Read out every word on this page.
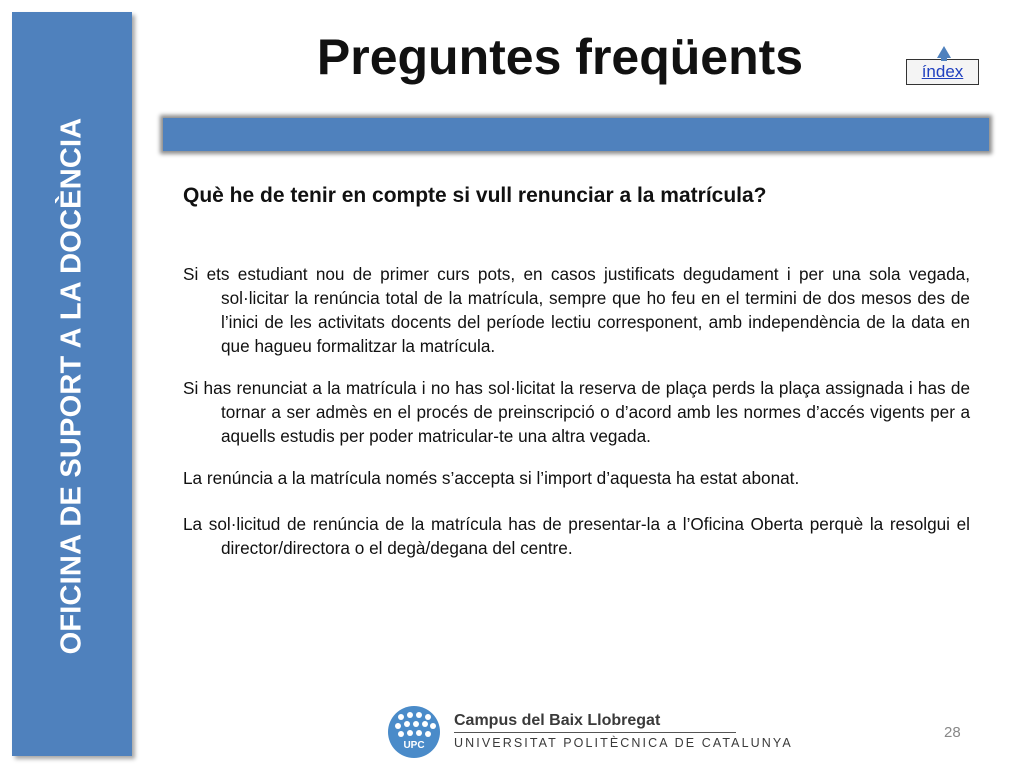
OFICINA DE SUPORT A LA DOCÈNCIA
Preguntes freqüents	índex
Què he de tenir en compte si vull renunciar a la matrícula?

Si ets estudiant nou de primer curs pots, en casos justificats degudament i per una sola vegada, sol·licitar la renúncia total de la matrícula, sempre que ho feu en el termini de dos mesos des de l’inici de les activitats docents del període lectiu corresponent, amb independència de la data en que hagueu formalitzar la matrícula.

Si has renunciat a la matrícula i no has sol·licitat la reserva de plaça perds la plaça assignada i has de tornar a ser admès en el procés de preinscripció o d’acord amb les normes d’accés vigents per a aquells estudis per poder matricular-te una altra vegada.

La renúncia a la matrícula només s’accepta si l’import d’aquesta ha estat abonat.

La sol·licitud de renúncia de la matrícula has de presentar-la a l’Oficina Oberta perquè la resolgui el director/directora o el degà/degana del centre.

UPC
Campus del Baix Llobregat
UNIVERSITAT POLITÈCNICA DE CATALUNYA
28
